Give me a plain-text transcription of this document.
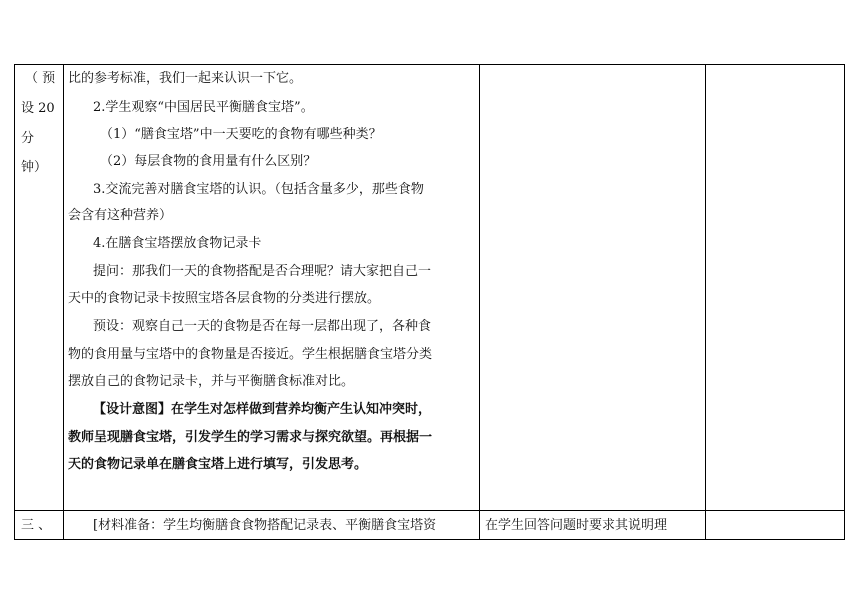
（ 预
设 20
分
钟）
比的参考标准，我们一起来认识一下它。
2.学生观察“中国居民平衡膳食宝塔”。
（1）“膳食宝塔”中一天要吃的食物有哪些种类？
（2）每层食物的食用量有什么区别？
3.交流完善对膳食宝塔的认识。（包括含量多少，那些食物
会含有这种营养）
4.在膳食宝塔摆放食物记录卡
提问：那我们一天的食物搭配是否合理呢？请大家把自己一
天中的食物记录卡按照宝塔各层食物的分类进行摆放。
预设：观察自己一天的食物是否在每一层都出现了，各种食
物的食用量与宝塔中的食物量是否接近。学生根据膳食宝塔分类
摆放自己的食物记录卡，并与平衡膳食标准对比。
【设计意图】在学生对怎样做到营养均衡产生认知冲突时，
教师呈现膳食宝塔，引发学生的学习需求与探究欲望。再根据一
天的食物记录单在膳食宝塔上进行填写，引发思考。
三 、	[材料准备：学生均衡膳食食物搭配记录表、平衡膳食宝塔资	在学生回答问题时要求其说明理
